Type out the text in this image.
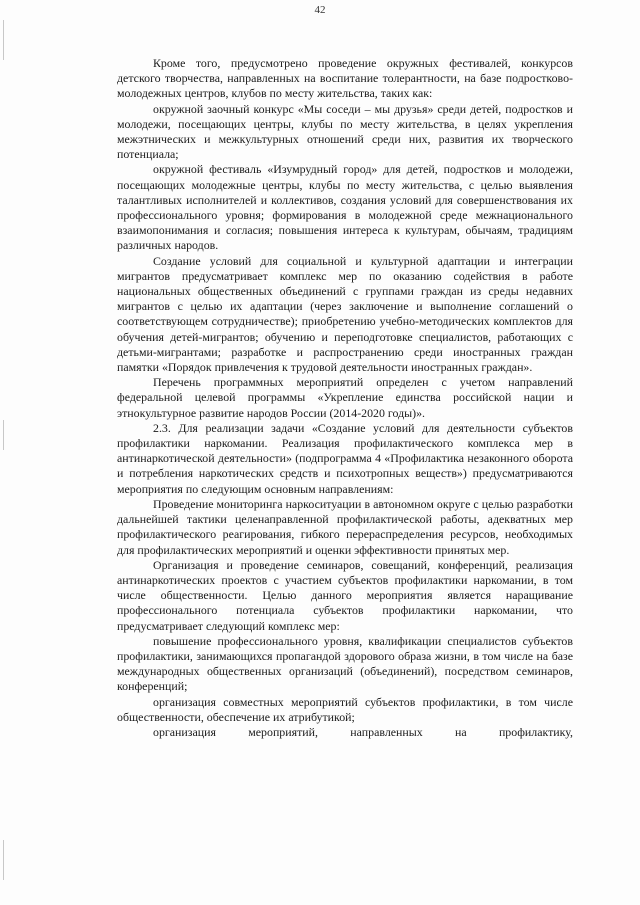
42

Кроме того, предусмотрено проведение окружных фестивалей, конкурсов детского творчества, направленных на воспитание толерантности, на базе подростково-молодежных центров, клубов по месту жительства, таких как:

окружной заочный конкурс «Мы соседи – мы друзья» среди детей, подростков и молодежи, посещающих центры, клубы по месту жительства, в целях укрепления межэтнических и межкультурных отношений среди них, развития их творческого потенциала;

окружной фестиваль «Изумрудный город» для детей, подростков и молодежи, посещающих молодежные центры, клубы по месту жительства, с целью выявления талантливых исполнителей и коллективов, создания условий для совершенствования их профессионального уровня; формирования в молодежной среде межнационального взаимопонимания и согласия; повышения интереса к культурам, обычаям, традициям различных народов.

Создание условий для социальной и культурной адаптации и интеграции мигрантов предусматривает комплекс мер по оказанию содействия в работе национальных общественных объединений с группами граждан из среды недавних мигрантов с целью их адаптации (через заключение и выполнение соглашений о соответствующем сотрудничестве); приобретению учебно-методических комплектов для обучения детей-мигрантов; обучению и переподготовке специалистов, работающих с детьми-мигрантами; разработке и распространению среди иностранных граждан памятки «Порядок привлечения к трудовой деятельности иностранных граждан».

Перечень программных мероприятий определен с учетом направлений федеральной целевой программы «Укрепление единства российской нации и этнокультурное развитие народов России (2014-2020 годы)».

2.3. Для реализации задачи «Создание условий для деятельности субъектов профилактики наркомании. Реализация профилактического комплекса мер в антинаркотической деятельности» (подпрограмма 4 «Профилактика незаконного оборота и потребления наркотических средств и психотропных веществ») предусматриваются мероприятия по следующим основным направлениям:

Проведение мониторинга наркоситуации в автономном округе с целью разработки дальнейшей тактики целенаправленной профилактической работы, адекватных мер профилактического реагирования, гибкого перераспределения ресурсов, необходимых для профилактических мероприятий и оценки эффективности принятых мер.

Организация и проведение семинаров, совещаний, конференций, реализация антинаркотических проектов с участием субъектов профилактики наркомании, в том числе общественности. Целью данного мероприятия является наращивание профессионального потенциала субъектов профилактики наркомании, что предусматривает следующий комплекс мер:

повышение профессионального уровня, квалификации специалистов субъектов профилактики, занимающихся пропагандой здорового образа жизни, в том числе на базе международных общественных организаций (объединений), посредством семинаров, конференций;

организация совместных мероприятий субъектов профилактики, в том числе общественности, обеспечение их атрибутикой;

организация мероприятий, направленных на профилактику,
